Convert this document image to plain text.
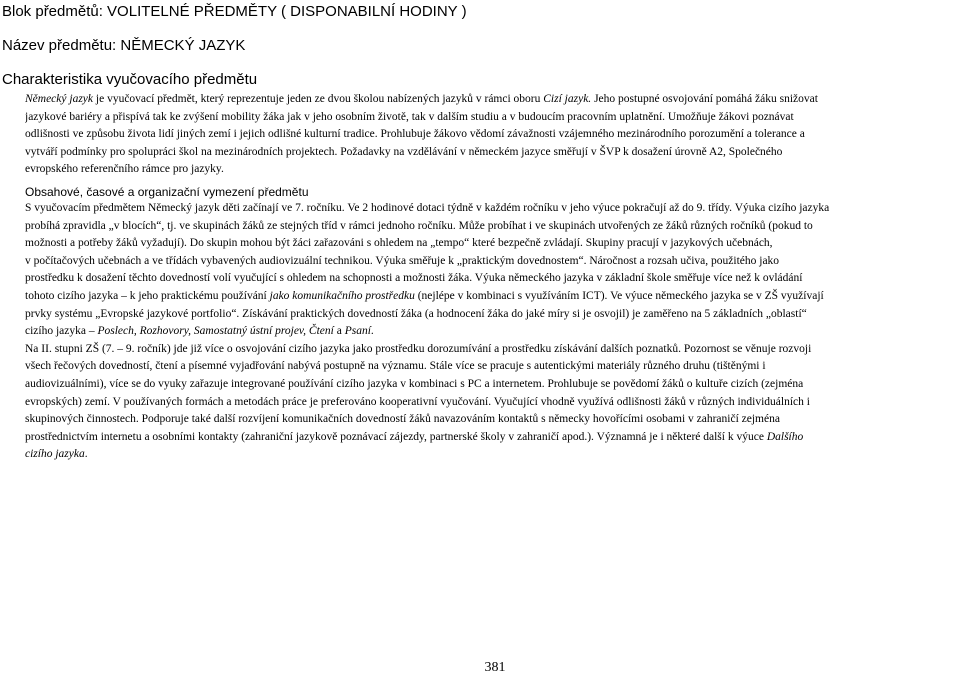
Blok předmětů: VOLITELNÉ PŘEDMĚTY ( DISPONABILNÍ HODINY )
Název předmětu: NĚMECKÝ JAZYK
Charakteristika vyučovacího předmětu
Německý jazyk je vyučovací předmět, který reprezentuje jeden ze dvou školou nabízených jazyků v rámci oboru Cizí jazyk. Jeho postupné osvojování pomáhá žáku snižovat
jazykové bariéry a přispívá tak ke zvýšení mobility žáka jak v jeho osobním životě, tak v dalším studiu a v budoucím pracovním uplatnění. Umožňuje žákovi poznávat
odlišnosti ve způsobu života lidí jiných zemí i jejich odlišné kulturní tradice. Prohlubuje žákovo vědomí závažnosti vzájemného mezinárodního porozumění a tolerance a
vytváří podmínky pro spolupráci škol na mezinárodních projektech. Požadavky na vzdělávání v německém jazyce směřují v ŠVP k dosažení úrovně A2, Společného
evropského referenčního rámce pro jazyky.
Obsahové, časové a organizační vymezení předmětu
S vyučovacím předmětem Německý jazyk děti začínají ve 7. ročníku. Ve 2 hodinové dotaci týdně v každém ročníku v jeho výuce pokračují až do 9. třídy. Výuka cizího jazyka
probíhá zpravidla „v blocích“, tj. ve skupinách žáků ze stejných tříd v rámci jednoho ročníku. Může probíhat i ve skupinách utvořených ze žáků různých ročníků (pokud to
možnosti a potřeby žáků vyžadují). Do skupin mohou být žáci zařazováni s ohledem na „tempo“ které bezpečně zvládají. Skupiny pracují v jazykových učebnách,
v počítačových učebnách a ve třídách vybavených audiovizuální technikou. Výuka směřuje k „praktickým dovednostem“. Náročnost a rozsah učiva, použitého jako
prostředku k dosažení těchto dovedností volí vyučující s ohledem na schopnosti a možnosti žáka. Výuka německého jazyka v základní škole směřuje více než k ovládání
tohoto cizího jazyka – k jeho praktickému používání jako komunikačního prostředku (nejlépe v kombinaci s využíváním ICT). Ve výuce německého jazyka se v ZŠ využívají
prvky systému „Evropské jazykové portfolio“. Získávání praktických dovedností žáka (a hodnocení žáka do jaké míry si je osvojil) je zaměřeno na 5 základních „oblastí“
cizího jazyka – Poslech, Rozhovory, Samostatný ústní projev, Čtení a Psaní.
Na II. stupni ZŠ (7. – 9. ročník) jde již více o osvojování cizího jazyka jako prostředku dorozumívání a prostředku získávání dalších poznatků. Pozornost se věnuje rozvoji
všech řečových dovedností, čtení a písemné vyjadřování nabývá postupně na významu. Stále více se pracuje s autentickými materiály různého druhu (tištěnými i
audiovizuálními), více se do vyuky zařazuje integrované používání cizího jazyka v kombinaci s PC a internetem. Prohlubuje se povědomí žáků o kultuře cizích (zejména
evropských) zemí. V používaných formách a metodách práce je preferováno kooperativní vyučování. Vyučující vhodně využívá odlišnosti žáků v různých individuálních i
skupinových činnostech. Podporuje také další rozvíjení komunikačních dovedností žáků navazováním kontaktů s německy hovořícími osobami v zahraničí zejména
prostřednictvím internetu a osobními kontakty (zahraniční jazykově poznávací zájezdy, partnerské školy v zahraničí apod.). Významná je i některé další k výuce Dalšího
cizího jazyka.
381
